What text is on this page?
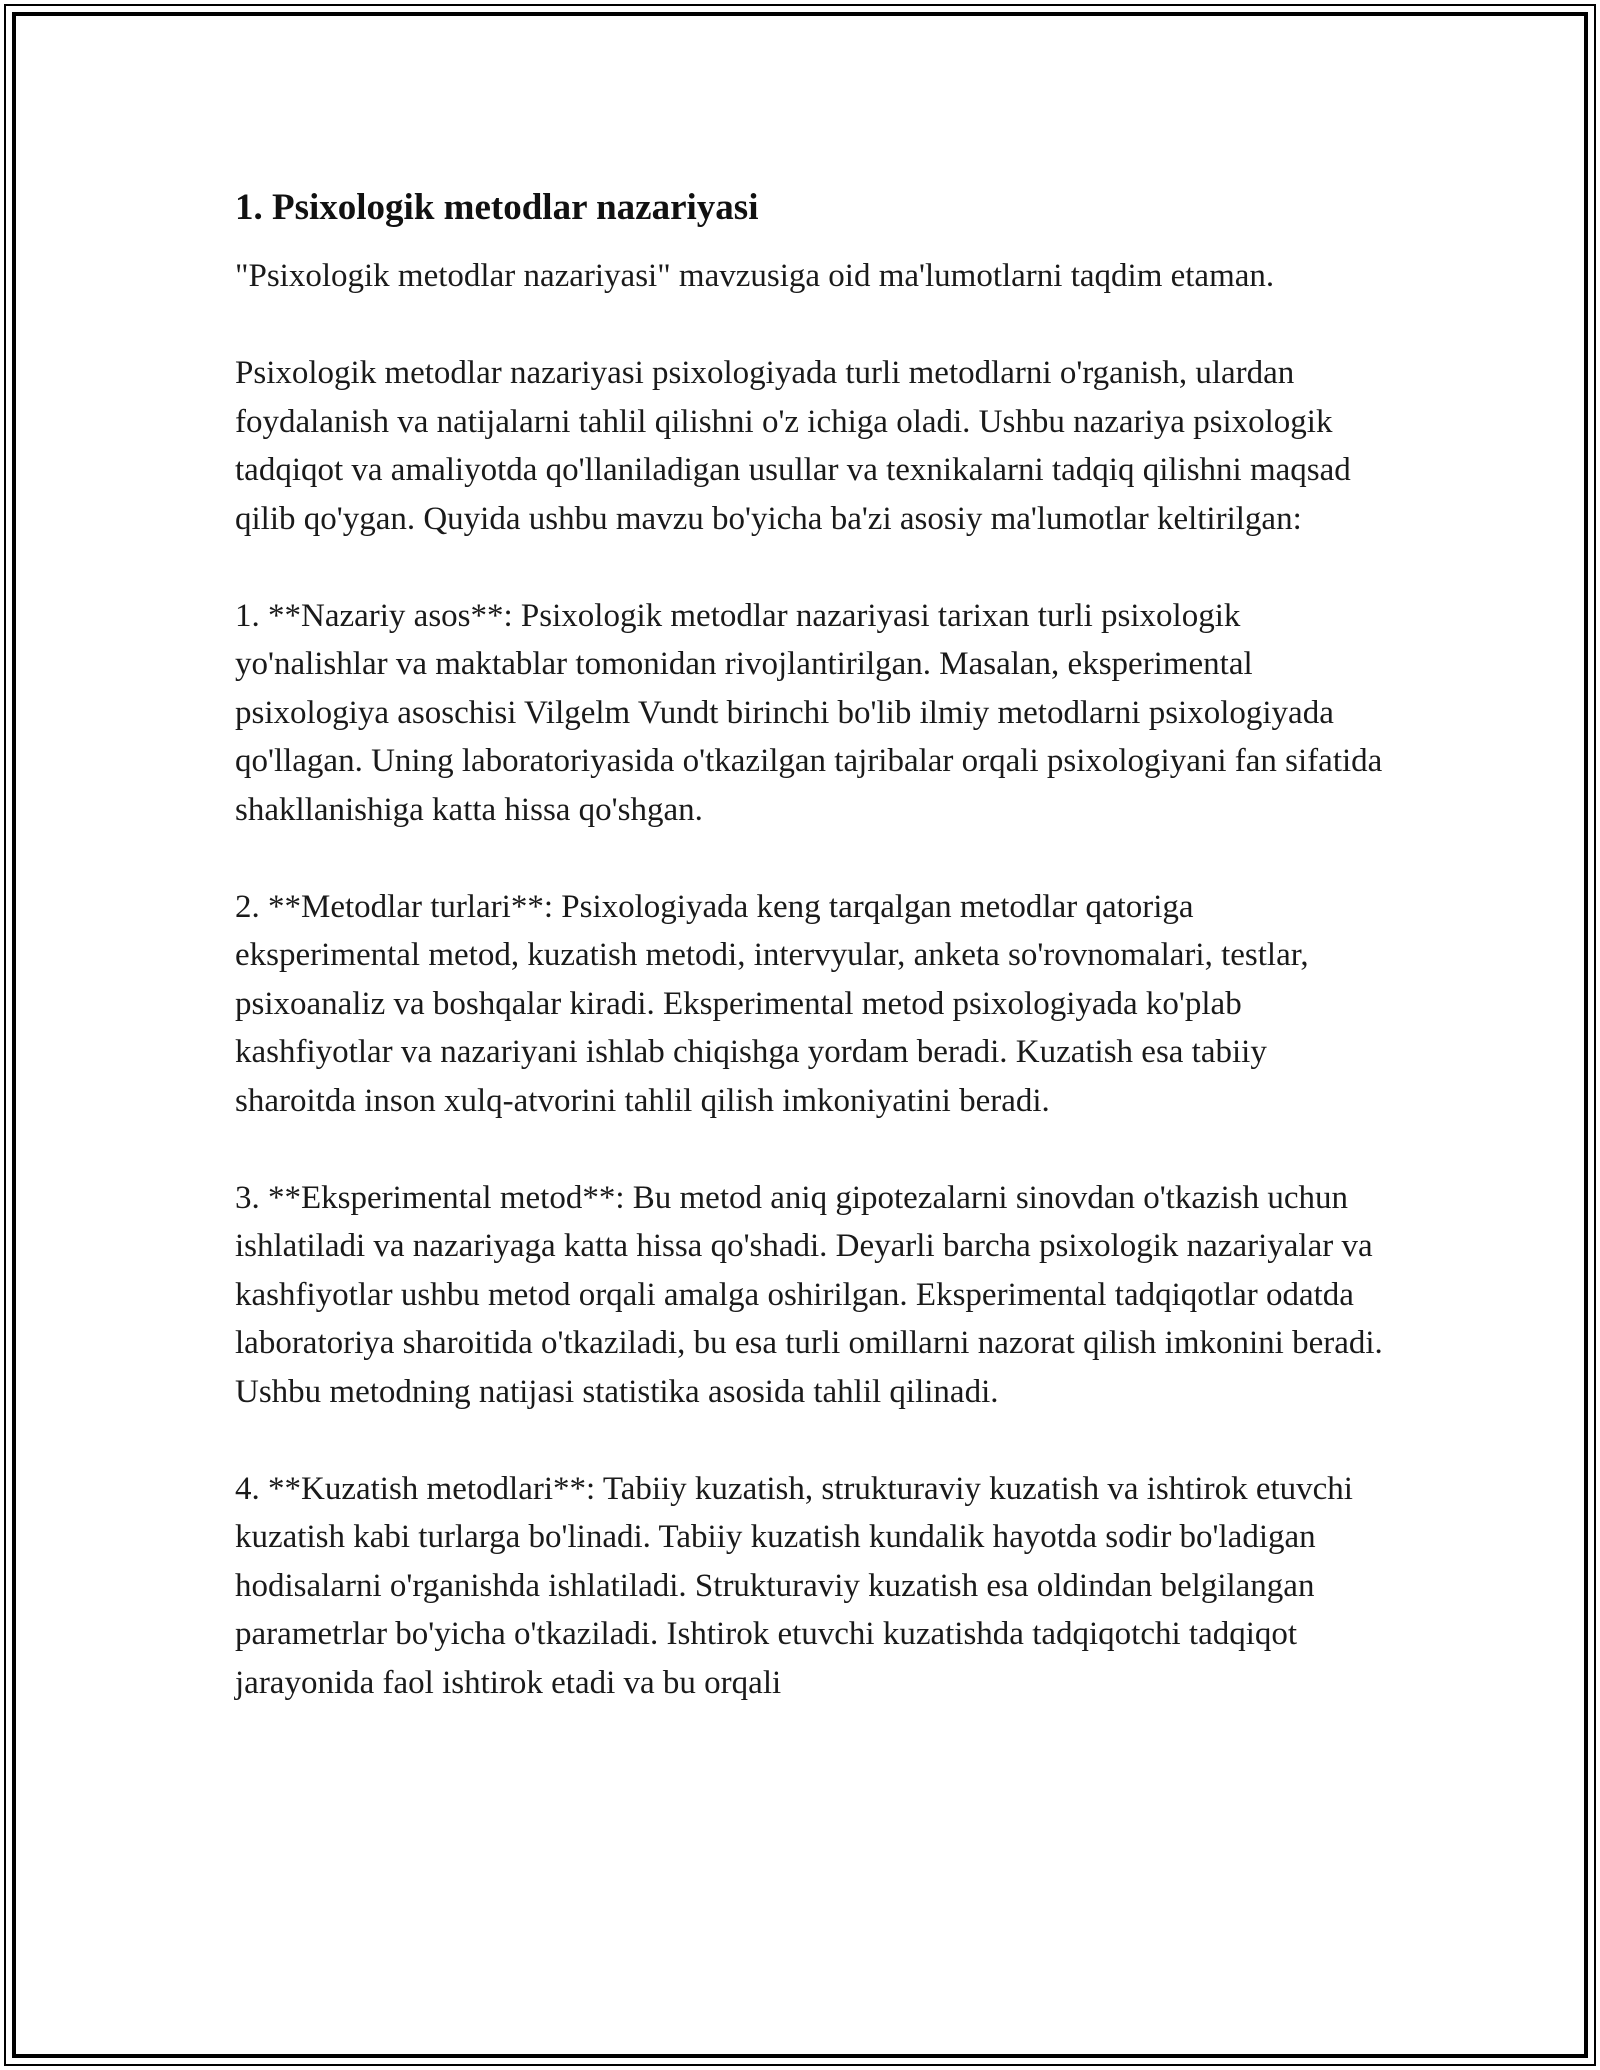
1. Psixologik metodlar nazariyasi

"Psixologik metodlar nazariyasi" mavzusiga oid ma'lumotlarni taqdim etaman.

Psixologik metodlar nazariyasi psixologiyada turli metodlarni o'rganish, ulardan foydalanish va natijalarni tahlil qilishni o'z ichiga oladi. Ushbu nazariya psixologik tadqiqot va amaliyotda qo'llaniladigan usullar va texnikalarni tadqiq qilishni maqsad qilib qo'ygan. Quyida ushbu mavzu bo'yicha ba'zi asosiy ma'lumotlar keltirilgan:

1. **Nazariy asos**: Psixologik metodlar nazariyasi tarixan turli psixologik yo'nalishlar va maktablar tomonidan rivojlantirilgan. Masalan, eksperimental psixologiya asoschisi Vilgelm Vundt birinchi bo'lib ilmiy metodlarni psixologiyada qo'llagan. Uning laboratoriyasida o'tkazilgan tajribalar orqali psixologiyani fan sifatida shakllanishiga katta hissa qo'shgan.

2. **Metodlar turlari**: Psixologiyada keng tarqalgan metodlar qatoriga eksperimental metod, kuzatish metodi, intervyular, anketa so'rovnomalari, testlar, psixoanaliz va boshqalar kiradi. Eksperimental metod psixologiyada ko'plab kashfiyotlar va nazariyani ishlab chiqishga yordam beradi. Kuzatish esa tabiiy sharoitda inson xulq-atvorini tahlil qilish imkoniyatini beradi.

3. **Eksperimental metod**: Bu metod aniq gipotezalarni sinovdan o'tkazish uchun ishlatiladi va nazariyaga katta hissa qo'shadi. Deyarli barcha psixologik nazariyalar va kashfiyotlar ushbu metod orqali amalga oshirilgan. Eksperimental tadqiqotlar odatda laboratoriya sharoitida o'tkaziladi, bu esa turli omillarni nazorat qilish imkonini beradi. Ushbu metodning natijasi statistika asosida tahlil qilinadi.

4. **Kuzatish metodlari**: Tabiiy kuzatish, strukturaviy kuzatish va ishtirok etuvchi kuzatish kabi turlarga bo'linadi. Tabiiy kuzatish kundalik hayotda sodir bo'ladigan hodisalarni o'rganishda ishlatiladi. Strukturaviy kuzatish esa oldindan belgilangan parametrlar bo'yicha o'tkaziladi. Ishtirok etuvchi kuzatishda tadqiqotchi tadqiqot jarayonida faol ishtirok etadi va bu orqali
